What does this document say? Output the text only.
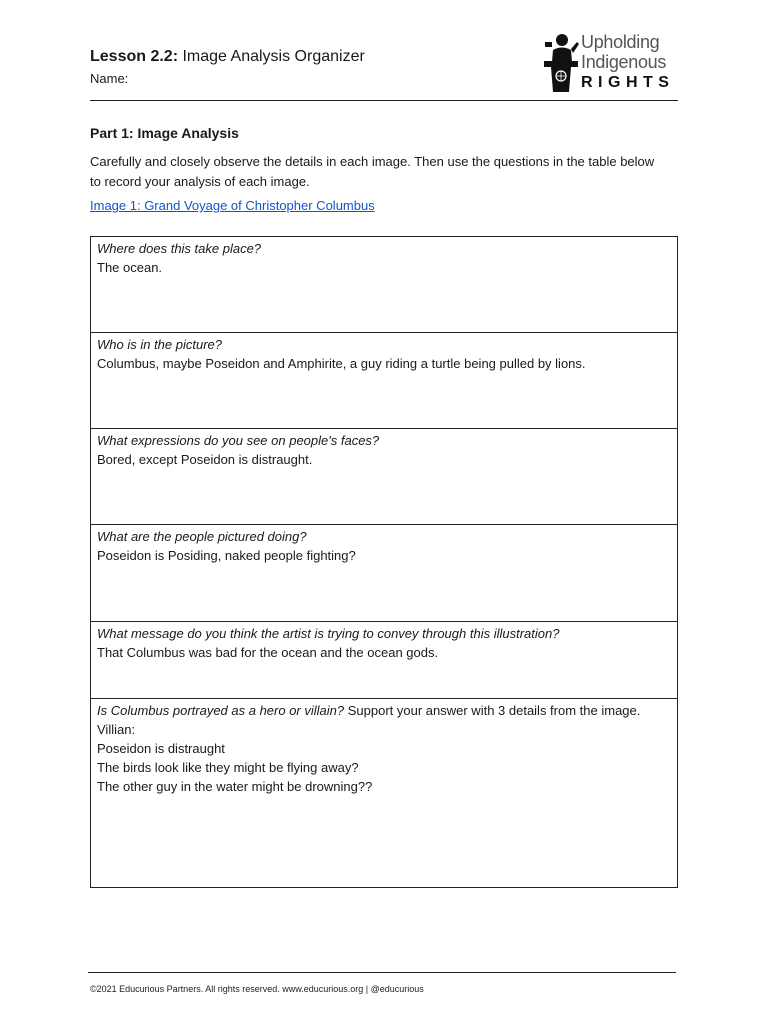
Lesson 2.2: Image Analysis Organizer
Name:
Upholding
Indigenous
RIGHTS
Part 1: Image Analysis
Carefully and closely observe the details in each image. Then use the questions in the table below to record your analysis of each image.
Image 1: Grand Voyage of Christopher Columbus
Where does this take place?
The ocean.

Who is in the picture?
Columbus, maybe Poseidon and Amphirite, a guy riding a turtle being pulled by lions.

What expressions do you see on people's faces?
Bored, except Poseidon is distraught.

What are the people pictured doing?
Poseidon is Posiding, naked people fighting?

What message do you think the artist is trying to convey through this illustration?
That Columbus was bad for the ocean and the ocean gods.

Is Columbus portrayed as a hero or villain? Support your answer with 3 details from the image.
Villian:
Poseidon is distraught
The birds look like they might be flying away?
The other guy in the water might be drowning??
©2021 Educurious Partners. All rights reserved. www.educurious.org | @educurious
